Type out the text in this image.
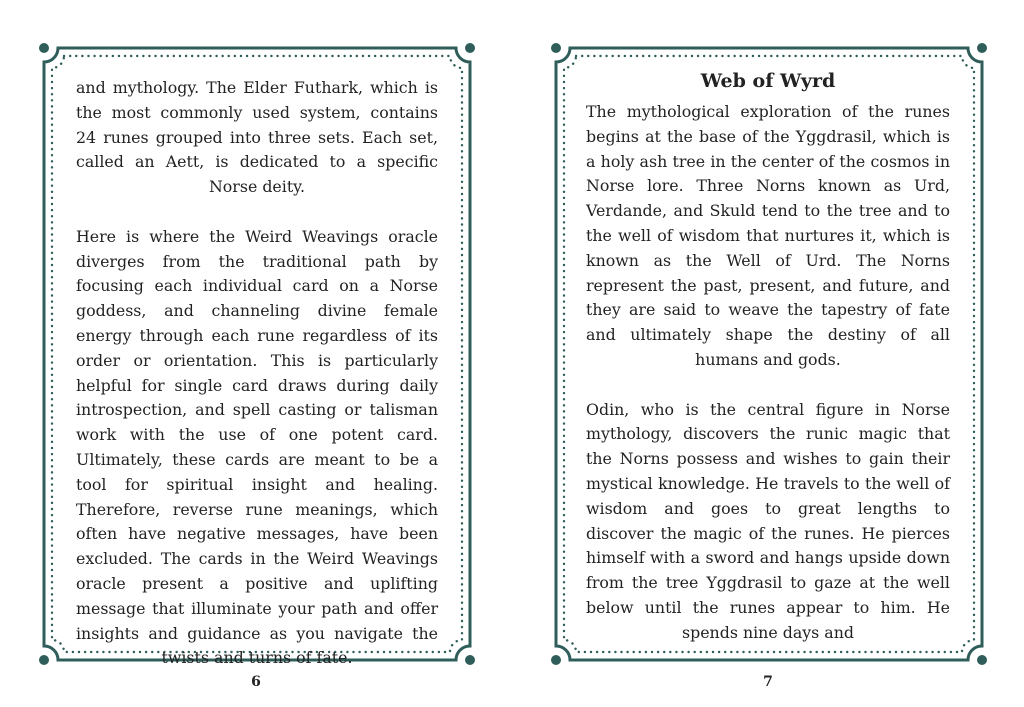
and mythology. The Elder Futhark, which is the most commonly used system, contains 24 runes grouped into three sets. Each set, called an Aett, is dedicated to a specific Norse deity.

Here is where the Weird Weavings oracle diverges from the traditional path by focusing each individual card on a Norse goddess, and channeling divine female energy through each rune regardless of its order or orientation. This is particularly helpful for single card draws during daily introspection, and spell casting or talisman work with the use of one potent card. Ultimately, these cards are meant to be a tool for spiritual insight and healing. Therefore, reverse rune meanings, which often have negative messages, have been excluded. The cards in the Weird Weavings oracle present a positive and uplifting message that illuminate your path and offer insights and guidance as you navigate the twists and turns of fate.

6
Web of Wyrd

The mythological exploration of the runes begins at the base of the Yggdrasil, which is a holy ash tree in the center of the cosmos in Norse lore. Three Norns known as Urd, Verdande, and Skuld tend to the tree and to the well of wisdom that nurtures it, which is known as the Well of Urd. The Norns represent the past, present, and future, and they are said to weave the tapestry of fate and ultimately shape the destiny of all humans and gods.

Odin, who is the central figure in Norse mythology, discovers the runic magic that the Norns possess and wishes to gain their mystical knowledge. He travels to the well of wisdom and goes to great lengths to discover the magic of the runes. He pierces himself with a sword and hangs upside down from the tree Yggdrasil to gaze at the well below until the runes appear to him. He spends nine days and

7
